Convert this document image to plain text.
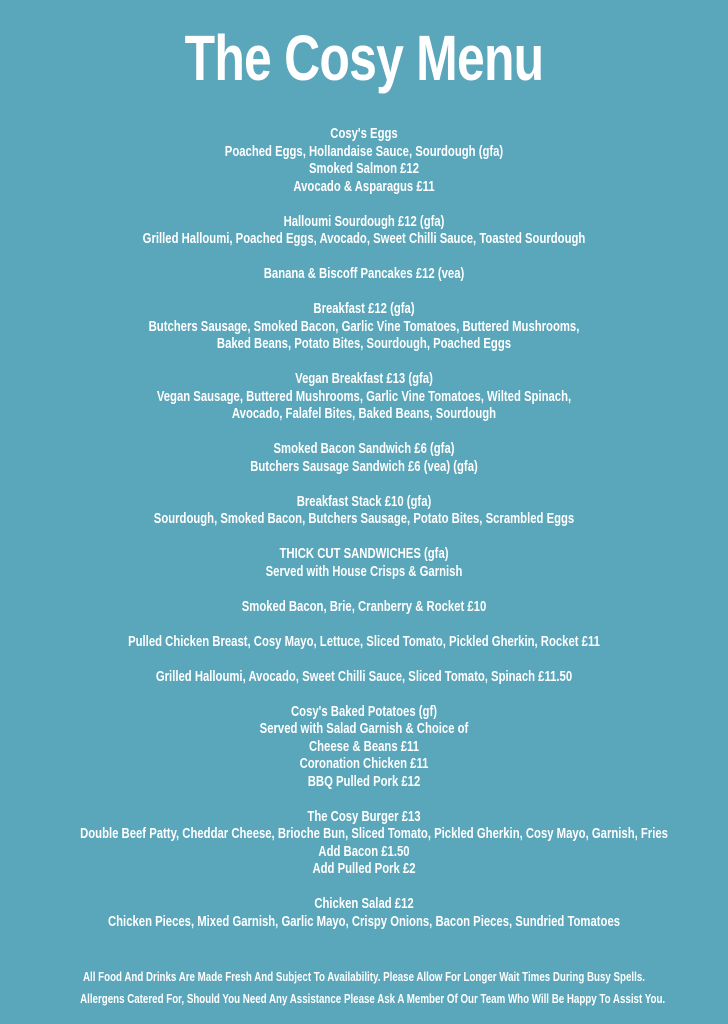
The Cosy Menu
Cosy's Eggs
Poached Eggs, Hollandaise Sauce, Sourdough (gfa)
Smoked Salmon £12
Avocado & Asparagus £11
Halloumi Sourdough £12 (gfa)
Grilled Halloumi, Poached Eggs, Avocado, Sweet Chilli Sauce, Toasted Sourdough
Banana & Biscoff Pancakes £12 (vea)
Breakfast £12 (gfa)
Butchers Sausage, Smoked Bacon, Garlic Vine Tomatoes, Buttered Mushrooms,
Baked Beans, Potato Bites, Sourdough, Poached Eggs
Vegan Breakfast £13 (gfa)
Vegan Sausage, Buttered Mushrooms, Garlic Vine Tomatoes, Wilted Spinach,
Avocado, Falafel Bites, Baked Beans, Sourdough
Smoked Bacon Sandwich £6 (gfa)
Butchers Sausage Sandwich £6 (vea) (gfa)
Breakfast Stack £10 (gfa)
Sourdough, Smoked Bacon, Butchers Sausage, Potato Bites, Scrambled Eggs
THICK CUT SANDWICHES (gfa)
Served with House Crisps & Garnish
Smoked Bacon, Brie, Cranberry & Rocket £10
Pulled Chicken Breast, Cosy Mayo, Lettuce, Sliced Tomato, Pickled Gherkin, Rocket £11
Grilled Halloumi, Avocado, Sweet Chilli Sauce, Sliced Tomato, Spinach £11.50
Cosy's Baked Potatoes (gf)
Served with Salad Garnish & Choice of
Cheese & Beans £11
Coronation Chicken £11
BBQ Pulled Pork £12
The Cosy Burger £13
Double Beef Patty, Cheddar Cheese, Brioche Bun, Sliced Tomato, Pickled Gherkin, Cosy Mayo, Garnish, Fries
Add Bacon £1.50
Add Pulled Pork £2
Chicken Salad £12
Chicken Pieces, Mixed Garnish, Garlic Mayo, Crispy Onions, Bacon Pieces, Sundried Tomatoes
All Food And Drinks Are Made Fresh And Subject To Availability. Please Allow For Longer Wait Times During Busy Spells.
Allergens Catered For, Should You Need Any Assistance Please Ask A Member Of Our Team Who Will Be Happy To Assist You.
